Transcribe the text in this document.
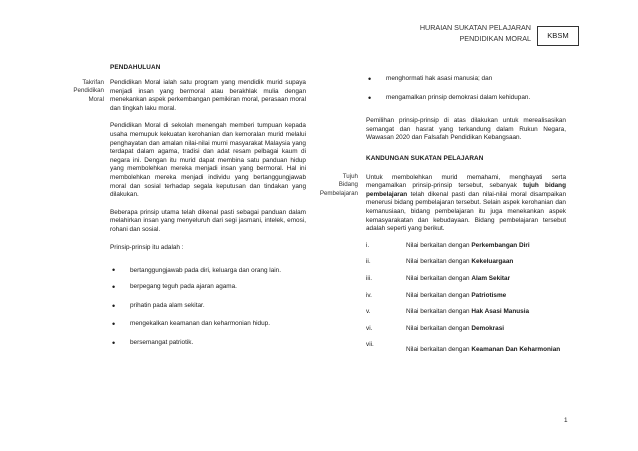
HURAIAN SUKATAN PELAJARAN
PENDIDIKAN MORAL	KBSM
PENDAHULUAN
Takrifan
Pendidikan
Moral
Pendidikan Moral ialah satu program yang mendidik murid supaya menjadi insan yang bermoral atau berakhlak mulia dengan menekankan aspek perkembangan pemikiran moral, perasaan moral dan tingkah laku moral.
Pendidikan Moral di sekolah menengah memberi tumpuan kepada usaha memupuk kekuatan kerohanian dan kemoralan murid melalui penghayatan dan amalan nilai-nilai murni masyarakat Malaysia yang terdapat dalam agama, tradisi dan adat resam pelbagai kaum di negara ini. Dengan itu murid dapat membina satu panduan hidup yang membolehkan mereka menjadi insan yang bermoral. Hal ini membolehkan mereka menjadi individu yang bertanggungjawab moral dan sosial terhadap segala keputusan dan tindakan yang dilakukan.
Beberapa prinsip utama telah dikenal pasti sebagai panduan dalam melahirkan insan yang menyeluruh dari segi jasmani, intelek, emosi, rohani dan sosial.
Prinsip-prinsip itu adalah :
• bertanggungjawab pada diri, keluarga dan orang lain.
• berpegang teguh pada ajaran agama.
• prihatin pada alam sekitar.
• mengekalkan keamanan dan keharmonian hidup.
• bersemangat patriotik.
• menghormati hak asasi manusia; dan
• mengamalkan prinsip demokrasi dalam kehidupan.
Pemilihan prinsip-prinsip di atas dilakukan untuk merealisasikan semangat dan hasrat yang terkandung dalam Rukun Negara, Wawasan 2020 dan Falsafah Pendidikan Kebangsaan.
KANDUNGAN SUKATAN PELAJARAN
Untuk membolehkan murid memahami, menghayati serta mengamalkan prinsip-prinsip tersebut, sebanyak tujuh bidang pembelajaran telah dikenal pasti dan nilai-nilai moral disampaikan menerusi bidang pembelajaran tersebut. Selain aspek kerohanian dan kemanusiaan, bidang pembelajaran itu juga menekankan aspek kemasyarakatan dan kebudayaan. Bidang pembelajaran tersebut adalah seperti yang berikut.
i.	Nilai berkaitan dengan Perkembangan Diri
ii.	Nilai berkaitan dengan Kekeluargaan
iii.	Nilai berkaitan dengan Alam Sekitar
iv.	Nilai berkaitan dengan Patriotisme
v.	Nilai berkaitan dengan Hak Asasi Manusia
vi.	Nilai berkaitan dengan Demokrasi
vii.
Nilai berkaitan dengan Keamanan Dan Keharmonian
Tujuh
Bidang
Pembelajaran
1
